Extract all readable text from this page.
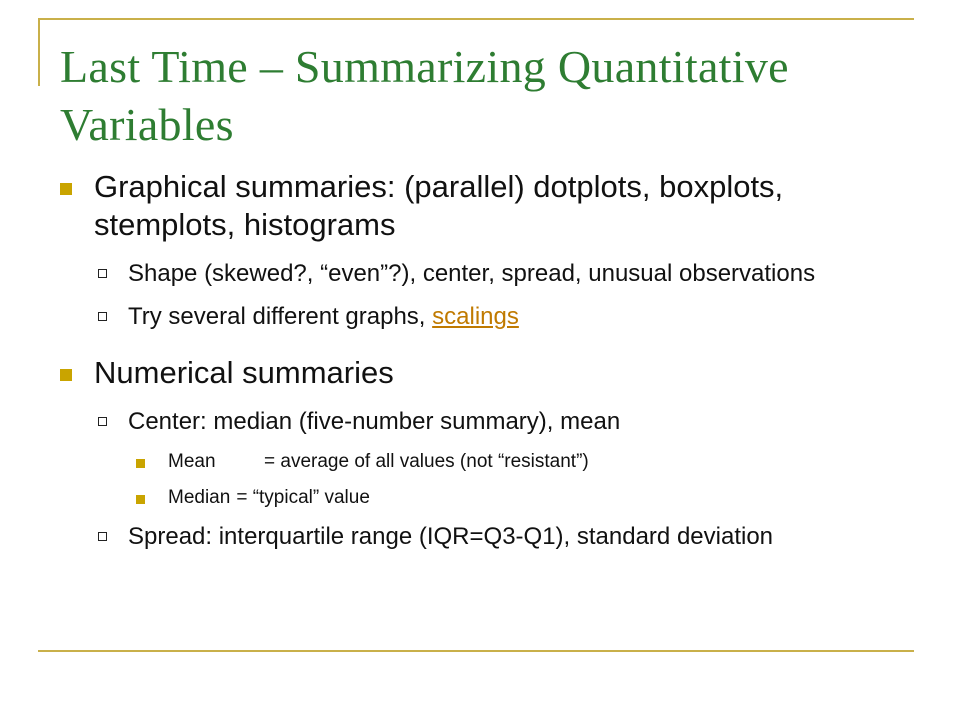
Last Time – Summarizing Quantitative Variables
Graphical summaries: (parallel) dotplots, boxplots, stemplots, histograms
Shape (skewed?, “even”?), center, spread, unusual observations
Try several different graphs, scalings
Numerical summaries
Center: median (five-number summary), mean
Mean	= average of all values (not “resistant”)
Median = “typical” value
Spread: interquartile range (IQR=Q3-Q1), standard deviation
